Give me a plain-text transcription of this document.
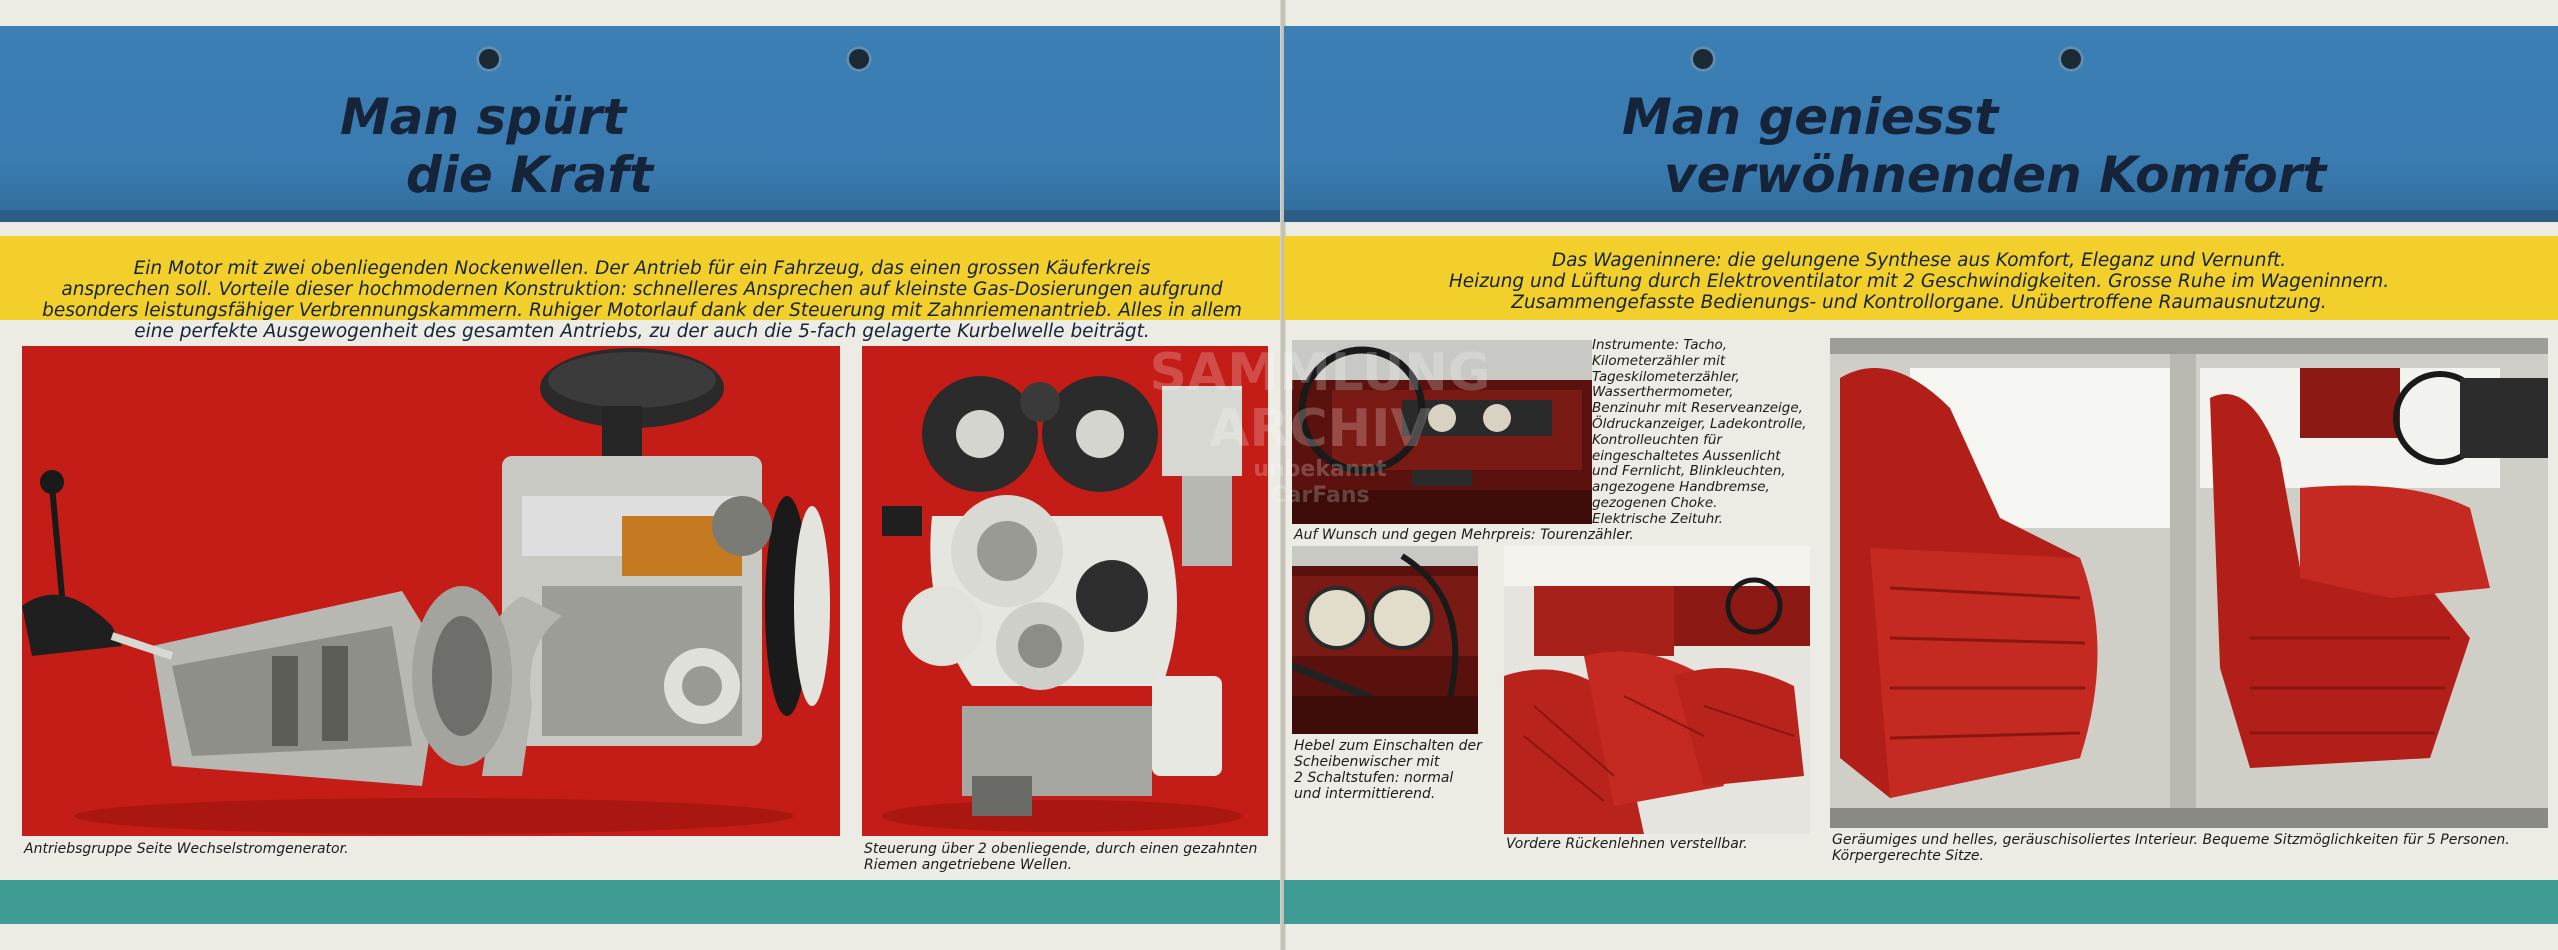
Man spürt
die Kraft

Ein Motor mit zwei obenliegenden Nockenwellen. Der Antrieb für ein Fahrzeug, das einen grossen Käuferkreis
ansprechen soll. Vorteile dieser hochmodernen Konstruktion: schnelleres Ansprechen auf kleinste Gas-Dosierungen aufgrund
besonders leistungsfähiger Verbrennungskammern. Ruhiger Motorlauf dank der Steuerung mit Zahnriemenantrieb. Alles in allem
eine perfekte Ausgewogenheit des gesamten Antriebs, zu der auch die 5-fach gelagerte Kurbelwelle beiträgt.

Antriebsgruppe Seite Wechselstromgenerator.	Steuerung über 2 obenliegende, durch einen gezahnten
Riemen angetriebene Wellen.

Man geniesst
verwöhnenden Komfort

Das Wageninnere: die gelungene Synthese aus Komfort, Eleganz und Vernunft.
Heizung und Lüftung durch Elektroventilator mit 2 Geschwindigkeiten. Grosse Ruhe im Wageninnern.
Zusammengefasste Bedienungs- und Kontrollorgane. Unübertroffene Raumausnutzung.

Instrumente: Tacho,
Kilometerzähler mit
Tageskilometerzähler,
Wasserthermometer,
Benzinuhr mit Reserveanzeige,
Öldruckanzeiger, Ladekontrolle,
Kontrolleuchten für
eingeschaltetes Aussenlicht
und Fernlicht, Blinkleuchten,
angezogene Handbremse,
gezogenen Choke.
Elektrische Zeituhr.

Auf Wunsch und gegen Mehrpreis: Tourenzähler.

Hebel zum Einschalten der
Scheibenwischer mit
2 Schaltstufen: normal
und intermittierend.

Vordere Rückenlehnen verstellbar.	Geräumiges und helles, geräuschisoliertes Interieur. Bequeme Sitzmöglichkeiten für 5 Personen.
Körpergerechte Sitze.

SAMMLUNG
ARCHIV
unbekannt
CarFans
